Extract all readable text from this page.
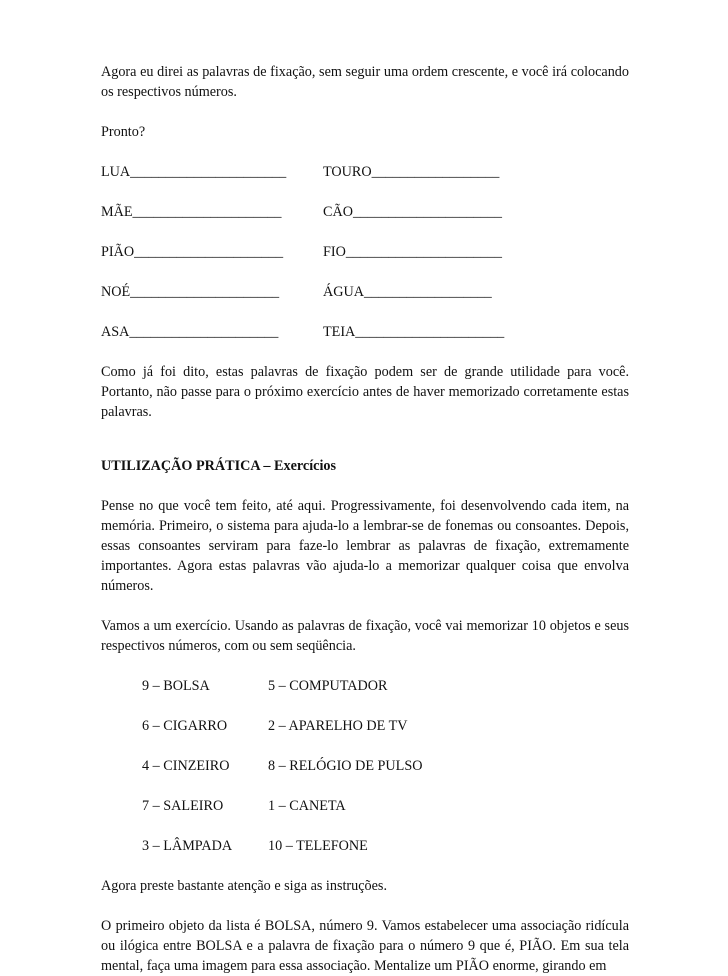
Agora eu direi as palavras de fixação, sem seguir uma ordem crescente, e você irá colocando os respectivos números.

Pronto?

LUA______________________	TOURO__________________
MÃE_____________________	CÃO_____________________
PIÃO_____________________	FIO______________________
NOÉ_____________________	ÁGUA__________________
ASA_____________________	TEIA_____________________

Como já foi dito, estas palavras de fixação podem ser de grande utilidade para você. Portanto, não passe para o próximo exercício antes de haver memorizado corretamente estas palavras.

UTILIZAÇÃO PRÁTICA – Exercícios

Pense no que você tem feito, até aqui. Progressivamente, foi desenvolvendo cada item, na memória. Primeiro, o sistema para ajuda-lo a lembrar-se de fonemas ou consoantes. Depois, essas consoantes serviram para faze-lo lembrar as palavras de fixação, extremamente importantes. Agora estas palavras vão ajuda-lo a memorizar qualquer coisa que envolva números.

Vamos a um exercício. Usando as palavras de fixação, você vai memorizar 10 objetos e seus respectivos números, com ou sem seqüência.

9 – BOLSA	5 – COMPUTADOR
6 – CIGARRO	2 – APARELHO DE TV
4 – CINZEIRO	8 – RELÓGIO DE PULSO
7 – SALEIRO	1 – CANETA
3 – LÂMPADA	10 – TELEFONE

Agora preste bastante atenção e siga as instruções.

O primeiro objeto da lista é BOLSA, número 9. Vamos estabelecer uma associação ridícula ou ilógica entre BOLSA e a palavra de fixação para o número 9 que é, PIÃO. Em sua tela mental, faça uma imagem para essa associação. Mentalize um PIÃO enorme, girando em
